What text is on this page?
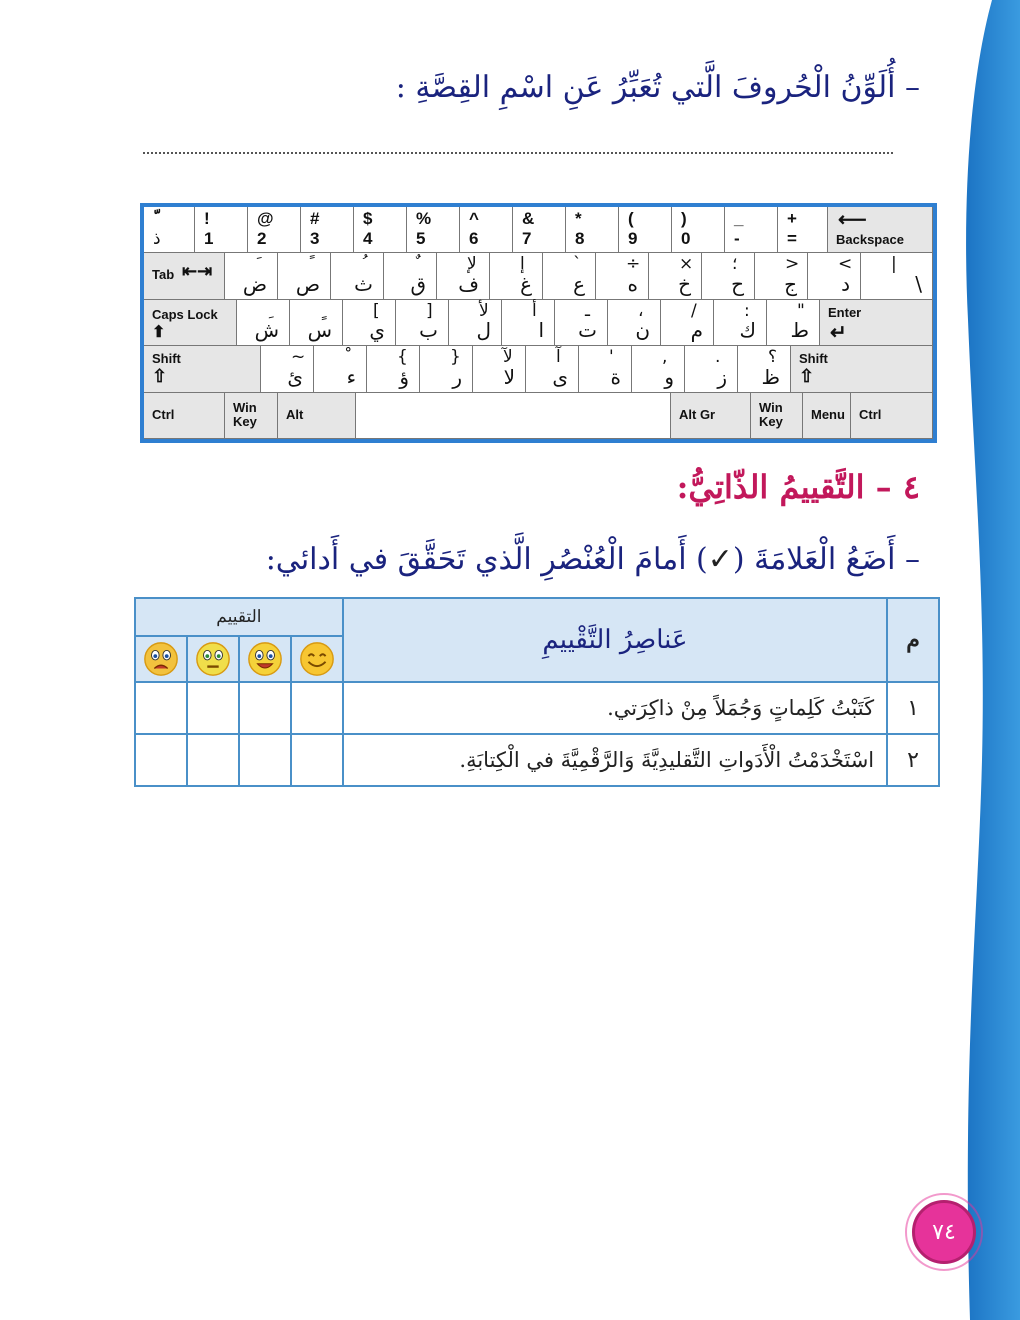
– أُلَوِّنُ الْحُروفَ الَّتي تُعَبِّرُ عَنِ اسْمِ القِصَّةِ :
ذ
!
1
@
2
#
3
$
4
%
5
^
6
&
7
*
8
(
9
)
0
_
-
+
=
⟵
Backspace
Tab ⇤⇥
ض ص ث ق
لإ
ف
إ
غ
`
ع
÷
ه
×
خ
؛
ح
>
ج
<
د
|
\
Caps Lock
⬆	ش س
[
ي
]
ب
لأ
ل
أ
ا
ـ
ت
،
ن
/
م
:
ك
"
ط
Enter
↵
Shift
⇧
~
ئ ء
{
ؤ
}
ر
لآ
لا
آ
ى
'
ة
,
و
.
ز
؟
ظ
Shift
⇧
Ctrl	Win Key	Alt	Alt Gr	Win Key	Menu Ctrl
٤ – التَّقييمُ الذّاتِيُّ:
– أَضَعُ الْعَلامَةَ (✓) أَمامَ الْعُنْصُرِ الَّذي تَحَقَّقَ في أَدائي:
م	عَناصِرُ التَّقْييمِ	التقييم			

١	كَتَبْتُ كَلِماتٍ وَجُمَلاً مِنْ ذاكِرَتي.				
٢	اسْتَخْدَمْتُ الْأَدَواتِ التَّقليدِيَّةَ وَالرَّقْمِيَّةَ في الْكِتابَةِ.				
٧٤
